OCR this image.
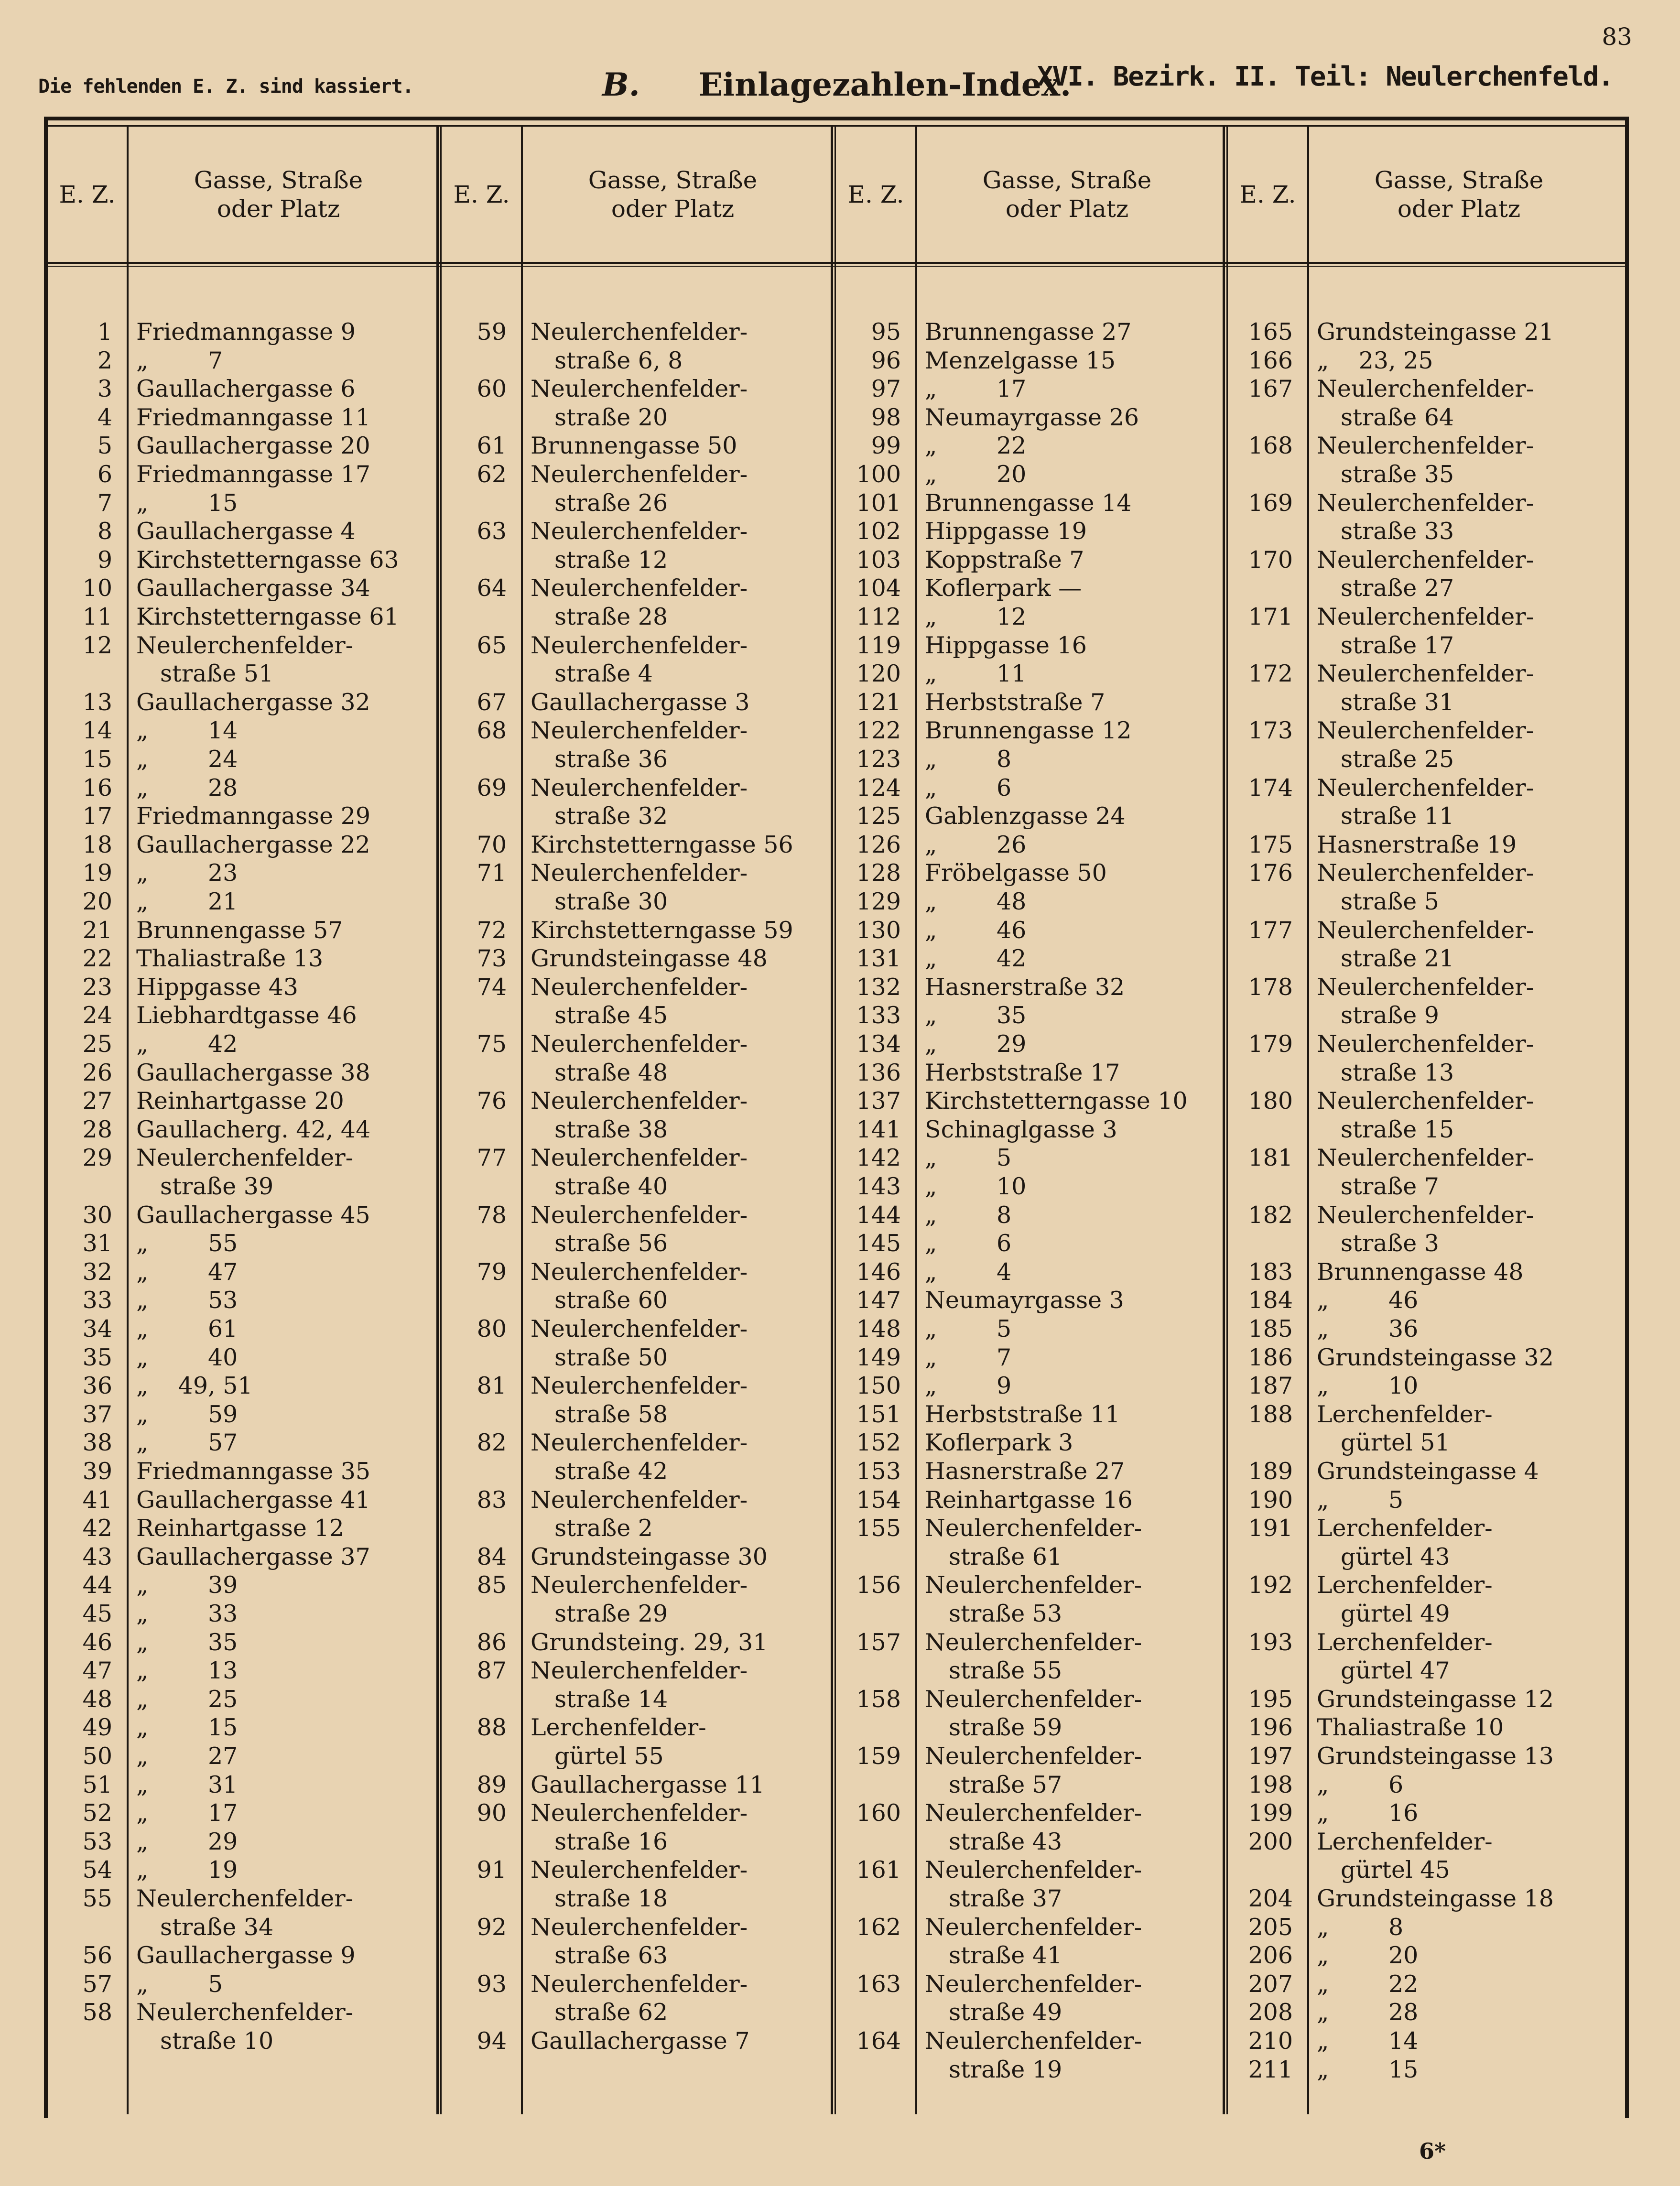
83
Die fehlenden E. Z. sind kassiert.	B. Einlagezahlen-Index.
XVI. Bezirk. II. Teil: Neulerchenfeld.
E. Z.
Gasse, Straße
oder Platz
E. Z.
Gasse, Straße
oder Platz
E. Z.
Gasse, Straße
oder Platz
E. Z.
Gasse, Straße
oder Platz
1 Friedmanngasse 9
2 „        7
3 Gaullachergasse 6
4 Friedmanngasse 11
5 Gaullachergasse 20
6 Friedmanngasse 17
7 „        15
8 Gaullachergasse 4
9 Kirchstetterngasse 63
10 Gaullachergasse 34
11 Kirchstetterngasse 61
12 Neulerchenfelder-
straße 51
13 Gaullachergasse 32
14 „        14
15 „        24
16 „        28
17 Friedmanngasse 29
18 Gaullachergasse 22
19 „        23
20 „        21
21 Brunnengasse 57
22 Thaliastraße 13
23 Hippgasse 43
24 Liebhardtgasse 46
25 „        42
26 Gaullachergasse 38
27 Reinhartgasse 20
28 Gaullacherg. 42, 44
29 Neulerchenfelder-
straße 39
30 Gaullachergasse 45
31 „        55
32 „        47
33 „        53
34 „        61
35 „        40
36 „    49, 51
37 „        59
38 „        57
39 Friedmanngasse 35
41 Gaullachergasse 41
42 Reinhartgasse 12
43 Gaullachergasse 37
44 „        39
45 „        33
46 „        35
47 „        13
48 „        25
49 „        15
50 „        27
51 „        31
52 „        17
53 „        29
54 „        19
55 Neulerchenfelder-
straße 34
56 Gaullachergasse 9
57 „        5
58 Neulerchenfelder-
straße 10
59 Neulerchenfelder-
straße 6, 8
60 Neulerchenfelder-
straße 20
61 Brunnengasse 50
62 Neulerchenfelder-
straße 26
63 Neulerchenfelder-
straße 12
64 Neulerchenfelder-
straße 28
65 Neulerchenfelder-
straße 4
67 Gaullachergasse 3
68 Neulerchenfelder-
straße 36
69 Neulerchenfelder-
straße 32
70 Kirchstetterngasse 56
71 Neulerchenfelder-
straße 30
72 Kirchstetterngasse 59
73 Grundsteingasse 48
74 Neulerchenfelder-
straße 45
75 Neulerchenfelder-
straße 48
76 Neulerchenfelder-
straße 38
77 Neulerchenfelder-
straße 40
78 Neulerchenfelder-
straße 56
79 Neulerchenfelder-
straße 60
80 Neulerchenfelder-
straße 50
81 Neulerchenfelder-
straße 58
82 Neulerchenfelder-
straße 42
83 Neulerchenfelder-
straße 2
84 Grundsteingasse 30
85 Neulerchenfelder-
straße 29
86 Grundsteing. 29, 31
87 Neulerchenfelder-
straße 14
88 Lerchenfelder-
gürtel 55
89 Gaullachergasse 11
90 Neulerchenfelder-
straße 16
91 Neulerchenfelder-
straße 18
92 Neulerchenfelder-
straße 63
93 Neulerchenfelder-
straße 62
94 Gaullachergasse 7
95 Brunnengasse 27
96 Menzelgasse 15
97 „        17
98 Neumayrgasse 26
99 „        22
100 „        20
101 Brunnengasse 14
102 Hippgasse 19
103 Koppstraße 7
104 Koflerpark —
112 „        12
119 Hippgasse 16
120 „        11
121 Herbststraße 7
122 Brunnengasse 12
123 „        8
124 „        6
125 Gablenzgasse 24
126 „        26
128 Fröbelgasse 50
129 „        48
130 „        46
131 „        42
132 Hasnerstraße 32
133 „        35
134 „        29
136 Herbststraße 17
137 Kirchstetterngasse 10
141 Schinaglgasse 3
142 „        5
143 „        10
144 „        8
145 „        6
146 „        4
147 Neumayrgasse 3
148 „        5
149 „        7
150 „        9
151 Herbststraße 11
152 Koflerpark 3
153 Hasnerstraße 27
154 Reinhartgasse 16
155 Neulerchenfelder-
straße 61
156 Neulerchenfelder-
straße 53
157 Neulerchenfelder-
straße 55
158 Neulerchenfelder-
straße 59
159 Neulerchenfelder-
straße 57
160 Neulerchenfelder-
straße 43
161 Neulerchenfelder-
straße 37
162 Neulerchenfelder-
straße 41
163 Neulerchenfelder-
straße 49
164 Neulerchenfelder-
straße 19
165 Grundsteingasse 21
166 „    23, 25
167 Neulerchenfelder-
straße 64
168 Neulerchenfelder-
straße 35
169 Neulerchenfelder-
straße 33
170 Neulerchenfelder-
straße 27
171 Neulerchenfelder-
straße 17
172 Neulerchenfelder-
straße 31
173 Neulerchenfelder-
straße 25
174 Neulerchenfelder-
straße 11
175 Hasnerstraße 19
176 Neulerchenfelder-
straße 5
177 Neulerchenfelder-
straße 21
178 Neulerchenfelder-
straße 9
179 Neulerchenfelder-
straße 13
180 Neulerchenfelder-
straße 15
181 Neulerchenfelder-
straße 7
182 Neulerchenfelder-
straße 3
183 Brunnengasse 48
184 „        46
185 „        36
186 Grundsteingasse 32
187 „        10
188 Lerchenfelder-
gürtel 51
189 Grundsteingasse 4
190 „        5
191 Lerchenfelder-
gürtel 43
192 Lerchenfelder-
gürtel 49
193 Lerchenfelder-
gürtel 47
195 Grundsteingasse 12
196 Thaliastraße 10
197 Grundsteingasse 13
198 „        6
199 „        16
200 Lerchenfelder-
gürtel 45
204 Grundsteingasse 18
205 „        8
206 „        20
207 „        22
208 „        28
210 „        14
211 „        15
6*
